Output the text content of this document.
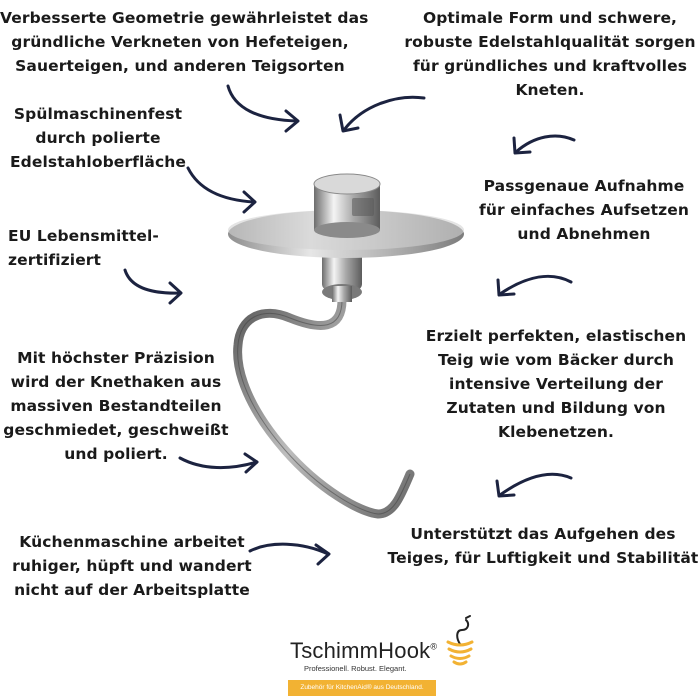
Verbesserte Geometrie gewährleistet das
gründliche Verkneten von Hefeteigen,
Sauerteigen, und anderen Teigsorten
Optimale Form und schwere,
robuste Edelstahlqualität sorgen
für gründliches und kraftvolles
Kneten.
Spülmaschinenfest
durch polierte
Edelstahloberfläche
Passgenaue Aufnahme
für einfaches Aufsetzen
und Abnehmen
EU Lebensmittel-
zertifiziert
Erzielt perfekten, elastischen
Teig wie vom Bäcker durch
intensive Verteilung der
Zutaten und Bildung von
Klebenetzen.
Mit höchster Präzision
wird der Knethaken aus
massiven Bestandteilen
geschmiedet, geschweißt
und poliert.
Unterstützt das Aufgehen des
Teiges, für Luftigkeit und Stabilität
Küchenmaschine arbeitet
ruhiger, hüpft und wandert
nicht auf der Arbeitsplatte
TschimmHook®
Professionell. Robust. Elegant.
Zubehör für KitchenAid® aus Deutschland.
